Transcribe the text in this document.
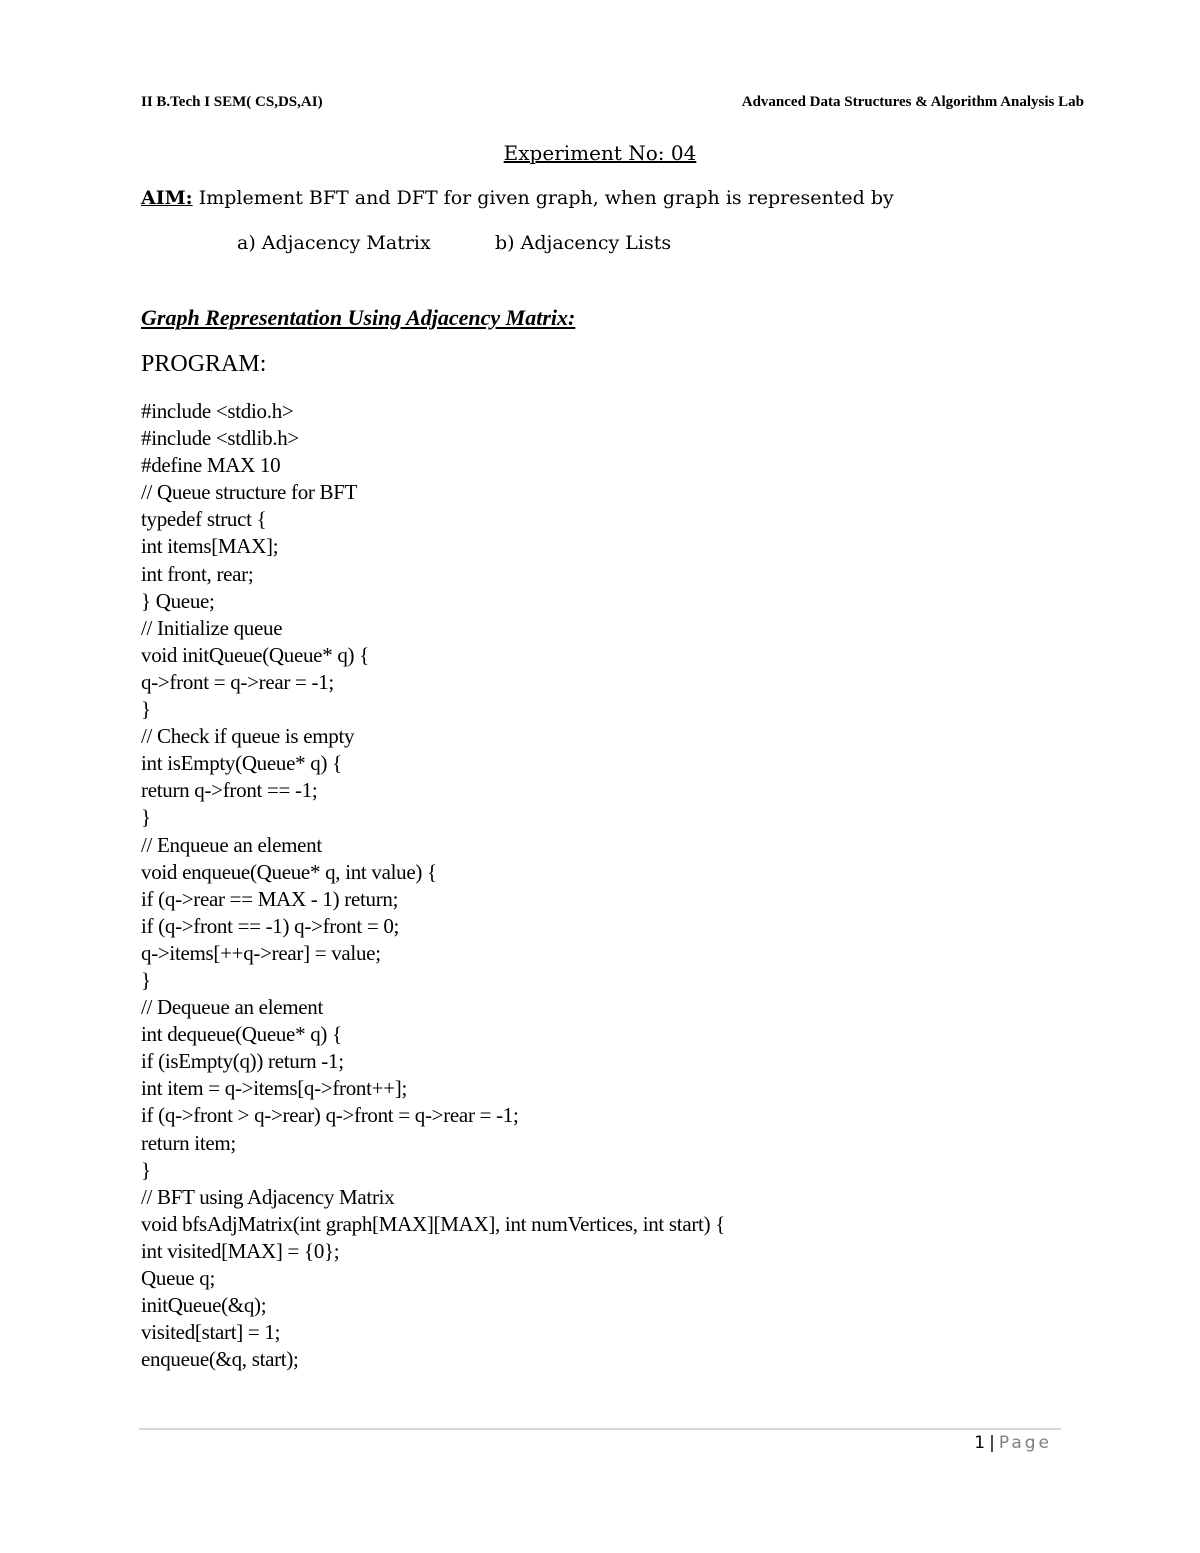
II B.Tech I SEM( CS,DS,AI)	Advanced Data Structures & Algorithm Analysis Lab
Experiment No: 04
AIM: Implement BFT and DFT for given graph, when graph is represented by
a) Adjacency Matrix	b) Adjacency Lists
Graph Representation Using Adjacency Matrix:
PROGRAM:
#include <stdio.h>
#include <stdlib.h>
#define MAX 10
// Queue structure for BFT
typedef struct {
int items[MAX];
int front, rear;
} Queue;
// Initialize queue
void initQueue(Queue* q) {
q->front = q->rear = -1;
}
// Check if queue is empty
int isEmpty(Queue* q) {
return q->front == -1;
}
// Enqueue an element
void enqueue(Queue* q, int value) {
if (q->rear == MAX - 1) return;
if (q->front == -1) q->front = 0;
q->items[++q->rear] = value;
}
// Dequeue an element
int dequeue(Queue* q) {
if (isEmpty(q)) return -1;
int item = q->items[q->front++];
if (q->front > q->rear) q->front = q->rear = -1;
return item;
}
// BFT using Adjacency Matrix
void bfsAdjMatrix(int graph[MAX][MAX], int numVertices, int start) {
int visited[MAX] = {0};
Queue q;
initQueue(&q);
visited[start] = 1;
enqueue(&q, start);
1 | Page
